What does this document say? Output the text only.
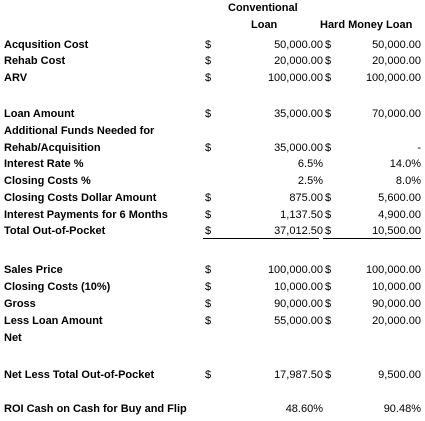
Conventional
Loan	Hard Money Loan
Acqusition Cost	$	50,000.00 $	50,000.00
Rehab Cost	$	20,000.00 $	20,000.00
ARV	$	100,000.00 $	100,000.00
Loan Amount	$	35,000.00 $	70,000.00
Additional Funds Needed for
Rehab/Acquisition	$	35,000.00 $	-
Interest Rate %	6.5%	14.0%
Closing Costs %	2.5%	8.0%
Closing Costs Dollar Amount	$	875.00 $	5,600.00
Interest Payments for 6 Months	$	1,137.50 $	4,900.00
Total Out-of-Pocket	$	37,012.50 $	10,500.00
Sales Price	$	100,000.00 $	100,000.00
Closing Costs (10%)	$	10,000.00 $	10,000.00
Gross	$	90,000.00 $	90,000.00
Less Loan Amount	$	55,000.00 $	20,000.00
Net
Net Less Total Out-of-Pocket	$	17,987.50 $	9,500.00
ROI Cash on Cash for Buy and Flip	48.60%	90.48%
